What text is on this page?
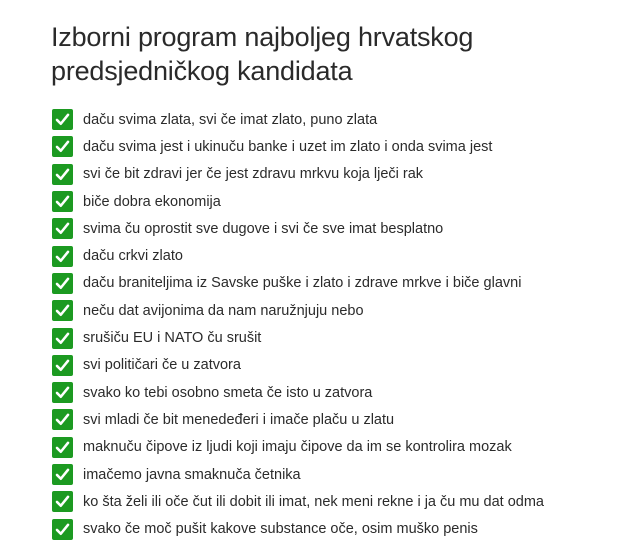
Izborni program najboljeg hrvatskog
predsjedničkog kandidata
daču svima zlata, svi če imat zlato, puno zlata
daču svima jest i ukinuču banke i uzet im zlato i onda svima jest
svi če bit zdravi jer če jest zdravu mrkvu koja lječi rak
biče dobra ekonomija
svima ču oprostit sve dugove i svi če sve imat besplatno
daču crkvi zlato
daču braniteljima iz Savske puške i zlato i zdrave mrkve i biče glavni
neču dat avijonima da nam naružnjuju nebo
srušiču EU i NATO ču srušit
svi političari če u zatvora
svako ko tebi osobno smeta če isto u zatvora
svi mladi če bit menedeđeri i imače plaču u zlatu
maknuču čipove iz ljudi koji imaju čipove da im se kontrolira mozak
imačemo javna smaknuča četnika
ko šta želi ili oče čut ili dobit ili imat, nek meni rekne i ja ču mu dat odma
svako če moč pušit kakove substance oče, osim muško penis
